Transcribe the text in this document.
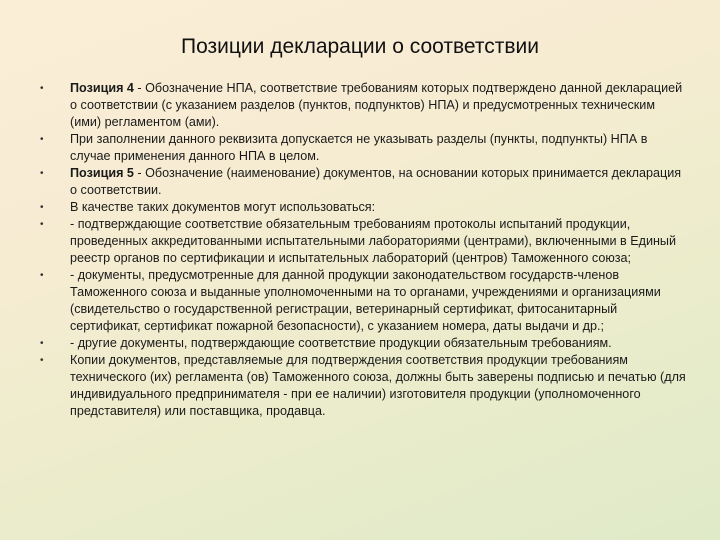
Позиции декларации о соответствии
•	Позиция 4 - Обозначение НПА, соответствие требованиям которых подтверждено данной декларацией о соответствии (с указанием разделов (пунктов, подпунктов) НПА) и предусмотренных техническим (ими) регламентом (ами).
•	При заполнении данного реквизита допускается не указывать разделы (пункты, подпункты) НПА в случае применения данного НПА в целом.
•	Позиция 5 - Обозначение (наименование) документов, на основании которых принимается декларация о соответствии.
•	В качестве таких документов могут использоваться:
•	- подтверждающие соответствие обязательным требованиям протоколы испытаний продукции, проведенных аккредитованными испытательными лабораториями (центрами), включенными в Единый реестр органов по сертификации и испытательных лабораторий (центров) Таможенного союза;
•	- документы, предусмотренные для данной продукции законодательством государств-членов Таможенного союза и выданные уполномоченными на то органами, учреждениями и организациями (свидетельство о государственной регистрации, ветеринарный сертификат, фитосанитарный сертификат, сертификат пожарной безопасности), с указанием номера, даты выдачи и др.;
•	- другие документы, подтверждающие соответствие продукции обязательным требованиям.
•	Копии документов, представляемые для подтверждения соответствия продукции требованиям технического (их) регламента (ов) Таможенного союза, должны быть заверены подписью и печатью (для индивидуального предпринимателя - при ее наличии) изготовителя продукции (уполномоченного представителя) или поставщика, продавца.
